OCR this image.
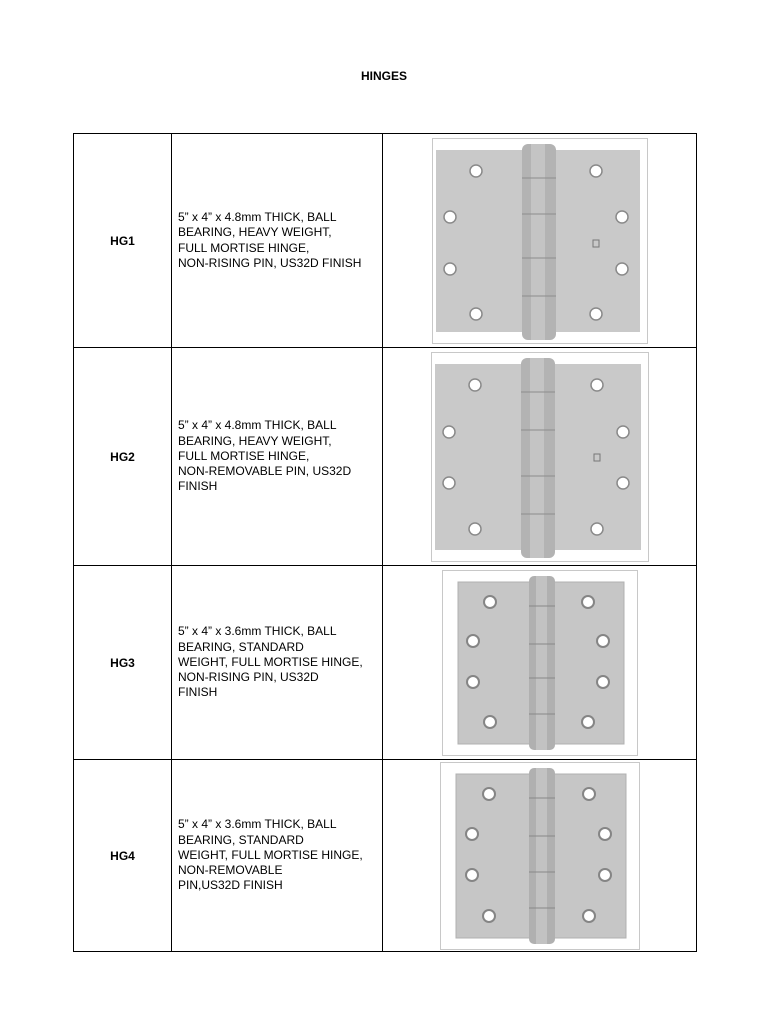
HINGES
HG1	5” x 4” x 4.8mm THICK, BALL
BEARING, HEAVY WEIGHT,
FULL MORTISE HINGE,
NON-RISING PIN, US32D FINISH

HG2	5” x 4” x 4.8mm THICK, BALL
BEARING, HEAVY WEIGHT,
FULL MORTISE HINGE,
NON-REMOVABLE PIN, US32D
FINISH

HG3	5” x 4” x 3.6mm THICK, BALL
BEARING, STANDARD
WEIGHT, FULL MORTISE HINGE,
NON-RISING PIN, US32D
FINISH

HG4	5” x 4” x 3.6mm THICK, BALL
BEARING, STANDARD
WEIGHT, FULL MORTISE HINGE,
NON-REMOVABLE
PIN,US32D FINISH
